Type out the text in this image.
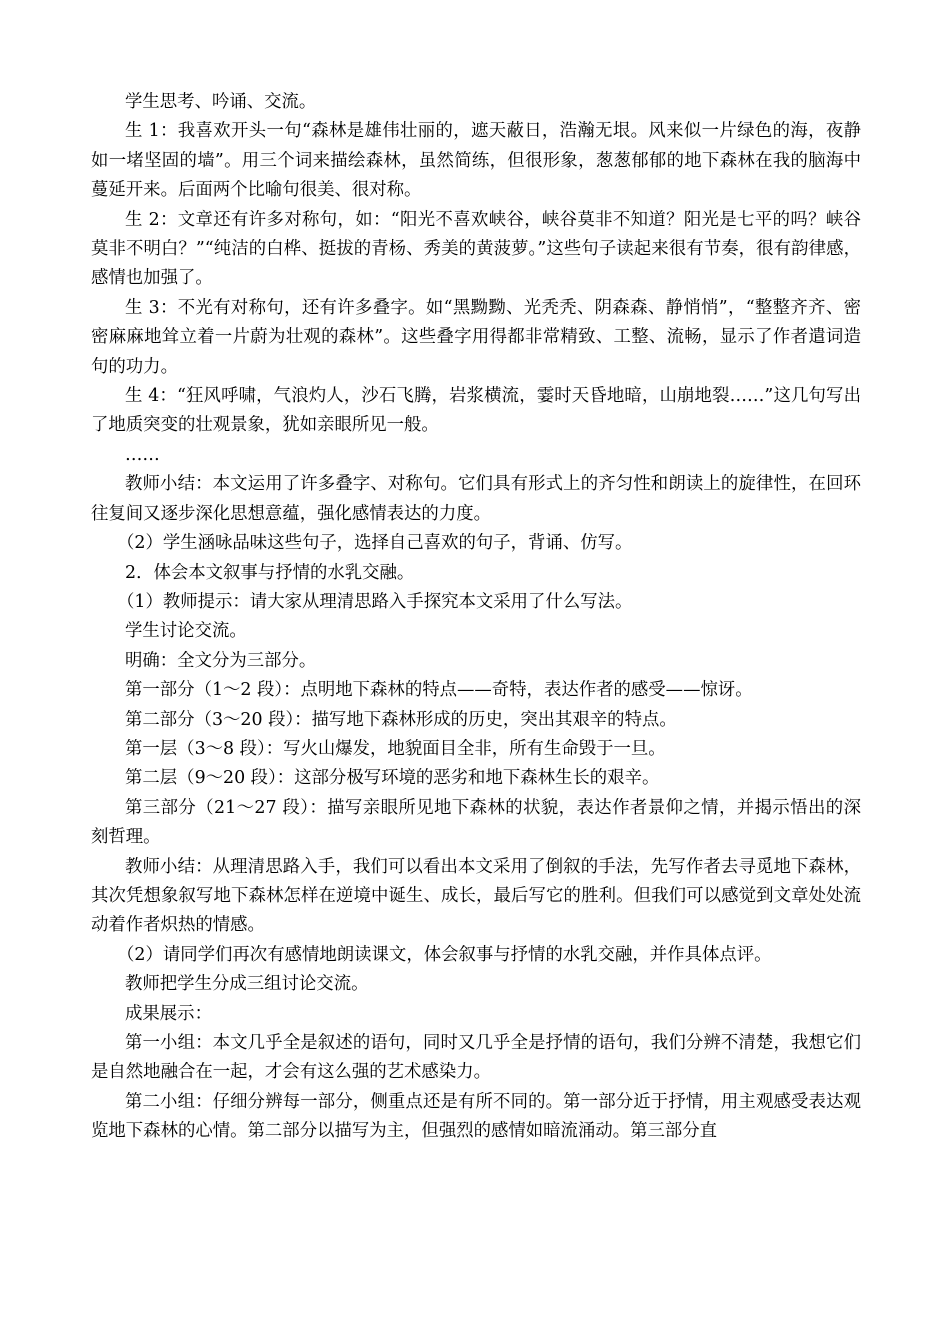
学生思考、吟诵、交流。

生 1：我喜欢开头一句“森林是雄伟壮丽的，遮天蔽日，浩瀚无垠。风来似一片绿色的海，夜静如一堵坚固的墙”。用三个词来描绘森林，虽然简练，但很形象，葱葱郁郁的地下森林在我的脑海中蔓延开来。后面两个比喻句很美、很对称。

生 2：文章还有许多对称句，如：“阳光不喜欢峡谷，峡谷莫非不知道？阳光是七平的吗？峡谷莫非不明白？”“纯洁的白桦、挺拔的青杨、秀美的黄菠萝。”这些句子读起来很有节奏，很有韵律感，感情也加强了。

生 3：不光有对称句，还有许多叠字。如“黑黝黝、光秃秃、阴森森、静悄悄”，“整整齐齐、密密麻麻地耸立着一片蔚为壮观的森林”。这些叠字用得都非常精致、工整、流畅，显示了作者遣词造句的功力。

生 4：“狂风呼啸，气浪灼人，沙石飞腾，岩浆横流，霎时天昏地暗，山崩地裂……”这几句写出了地质突变的壮观景象，犹如亲眼所见一般。

……

教师小结：本文运用了许多叠字、对称句。它们具有形式上的齐匀性和朗读上的旋律性，在回环往复间又逐步深化思想意蕴，强化感情表达的力度。

（2）学生涵咏品味这些句子，选择自己喜欢的句子，背诵、仿写。

2．体会本文叙事与抒情的水乳交融。

（1）教师提示：请大家从理清思路入手探究本文采用了什么写法。

学生讨论交流。

明确：全文分为三部分。

第一部分（1～2 段）：点明地下森林的特点——奇特，表达作者的感受——惊讶。

第二部分（3～20 段）：描写地下森林形成的历史，突出其艰辛的特点。

第一层（3～8 段）：写火山爆发，地貌面目全非，所有生命毁于一旦。

第二层（9～20 段）：这部分极写环境的恶劣和地下森林生长的艰辛。

第三部分（21～27 段）：描写亲眼所见地下森林的状貌，表达作者景仰之情，并揭示悟出的深刻哲理。

教师小结：从理清思路入手，我们可以看出本文采用了倒叙的手法，先写作者去寻觅地下森林，其次凭想象叙写地下森林怎样在逆境中诞生、成长，最后写它的胜利。但我们可以感觉到文章处处流动着作者炽热的情感。

（2）请同学们再次有感情地朗读课文，体会叙事与抒情的水乳交融，并作具体点评。

教师把学生分成三组讨论交流。

成果展示：

第一小组：本文几乎全是叙述的语句，同时又几乎全是抒情的语句，我们分辨不清楚，我想它们是自然地融合在一起，才会有这么强的艺术感染力。

第二小组：仔细分辨每一部分，侧重点还是有所不同的。第一部分近于抒情，用主观感受表达观览地下森林的心情。第二部分以描写为主，但强烈的感情如暗流涌动。第三部分直
